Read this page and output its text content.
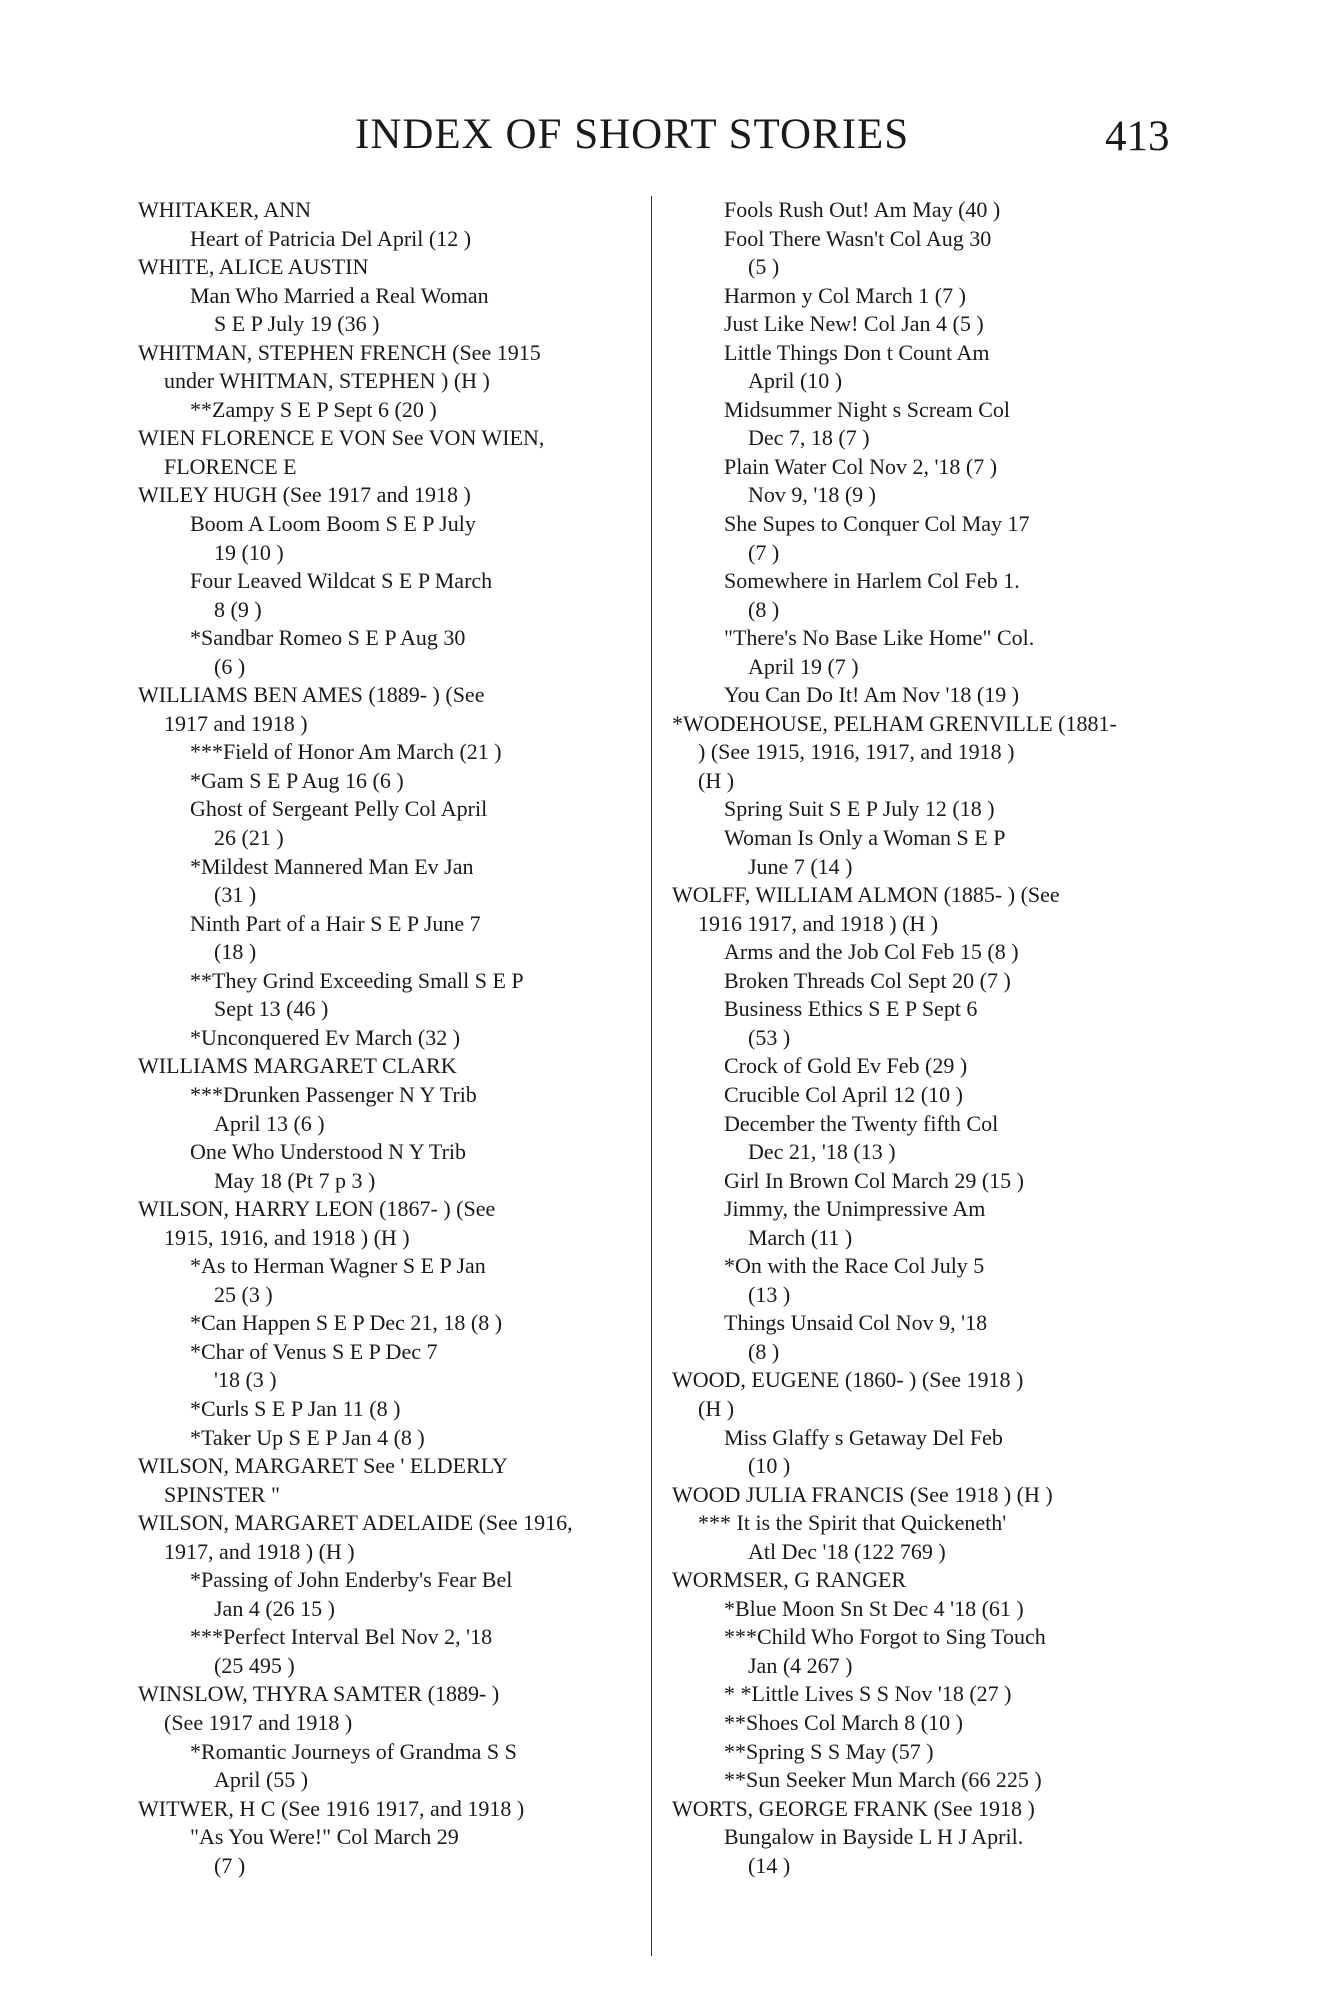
INDEX OF SHORT STORIES	413
WHITAKER, ANN
Heart of Patricia Del April (12 )
WHITE, ALICE AUSTIN
Man Who Married a Real Woman
S E P July 19 (36 )
WHITMAN, STEPHEN FRENCH (See 1915
under WHITMAN, STEPHEN ) (H )
**Zampy S E P Sept 6 (20 )
WIEN FLORENCE E VON See VON WIEN,
FLORENCE E
WILEY HUGH (See 1917 and 1918 )
Boom A Loom Boom S E P July
19 (10 )
Four Leaved Wildcat S E P March
8 (9 )
*Sandbar Romeo S E P Aug 30
(6 )
WILLIAMS BEN AMES (1889- ) (See
1917 and 1918 )
***Field of Honor Am March (21 )
*Gam S E P Aug 16 (6 )
Ghost of Sergeant Pelly Col April
26 (21 )
*Mildest Mannered Man Ev Jan
(31 )
Ninth Part of a Hair S E P June 7
(18 )
**They Grind Exceeding Small S E P
Sept 13 (46 )
*Unconquered Ev March (32 )
WILLIAMS MARGARET CLARK
***Drunken Passenger N Y Trib
April 13 (6 )
One Who Understood N Y Trib
May 18 (Pt 7 p 3 )
WILSON, HARRY LEON (1867- ) (See
1915, 1916, and 1918 ) (H )
*As to Herman Wagner S E P Jan
25 (3 )
*Can Happen S E P Dec 21, 18 (8 )
*Char of Venus S E P Dec 7
'18 (3 )
*Curls S E P Jan 11 (8 )
*Taker Up S E P Jan 4 (8 )
WILSON, MARGARET See ' ELDERLY
SPINSTER "
WILSON, MARGARET ADELAIDE (See 1916,
1917, and 1918 ) (H )
*Passing of John Enderby's Fear Bel
Jan 4 (26 15 )
***Perfect Interval Bel Nov 2, '18
(25 495 )
WINSLOW, THYRA SAMTER (1889- )
(See 1917 and 1918 )
*Romantic Journeys of Grandma S S
April (55 )
WITWER, H C (See 1916 1917, and 1918 )
"As You Were!" Col March 29
(7 )
Fools Rush Out! Am May (40 )
Fool There Wasn't Col Aug 30
(5 )
Harmon y Col March 1 (7 )
Just Like New! Col Jan 4 (5 )
Little Things Don t Count Am
April (10 )
Midsummer Night s Scream Col
Dec 7, 18 (7 )
Plain Water Col Nov 2, '18 (7 )
Nov 9, '18 (9 )
She Supes to Conquer Col May 17
(7 )
Somewhere in Harlem Col Feb 1.
(8 )
"There's No Base Like Home" Col.
April 19 (7 )
You Can Do It! Am Nov '18 (19 )
*WODEHOUSE, PELHAM GRENVILLE (1881-
) (See 1915, 1916, 1917, and 1918 )
(H )
Spring Suit S E P July 12 (18 )
Woman Is Only a Woman S E P
June 7 (14 )
WOLFF, WILLIAM ALMON (1885- ) (See
1916 1917, and 1918 ) (H )
Arms and the Job Col Feb 15 (8 )
Broken Threads Col Sept 20 (7 )
Business Ethics S E P Sept 6
(53 )
Crock of Gold Ev Feb (29 )
Crucible Col April 12 (10 )
December the Twenty fifth Col
Dec 21, '18 (13 )
Girl In Brown Col March 29 (15 )
Jimmy, the Unimpressive Am
March (11 )
*On with the Race Col July 5
(13 )
Things Unsaid Col Nov 9, '18
(8 )
WOOD, EUGENE (1860- ) (See 1918 )
(H )
Miss Glaffy s Getaway Del Feb
(10 )
WOOD JULIA FRANCIS (See 1918 ) (H )
*** It is the Spirit that Quickeneth'
Atl Dec '18 (122 769 )
WORMSER, G RANGER
*Blue Moon Sn St Dec 4 '18 (61 )
***Child Who Forgot to Sing Touch
Jan (4 267 )
* *Little Lives S S Nov '18 (27 )
**Shoes Col March 8 (10 )
**Spring S S May (57 )
**Sun Seeker Mun March (66 225 )
WORTS, GEORGE FRANK (See 1918 )
Bungalow in Bayside L H J April.
(14 )
